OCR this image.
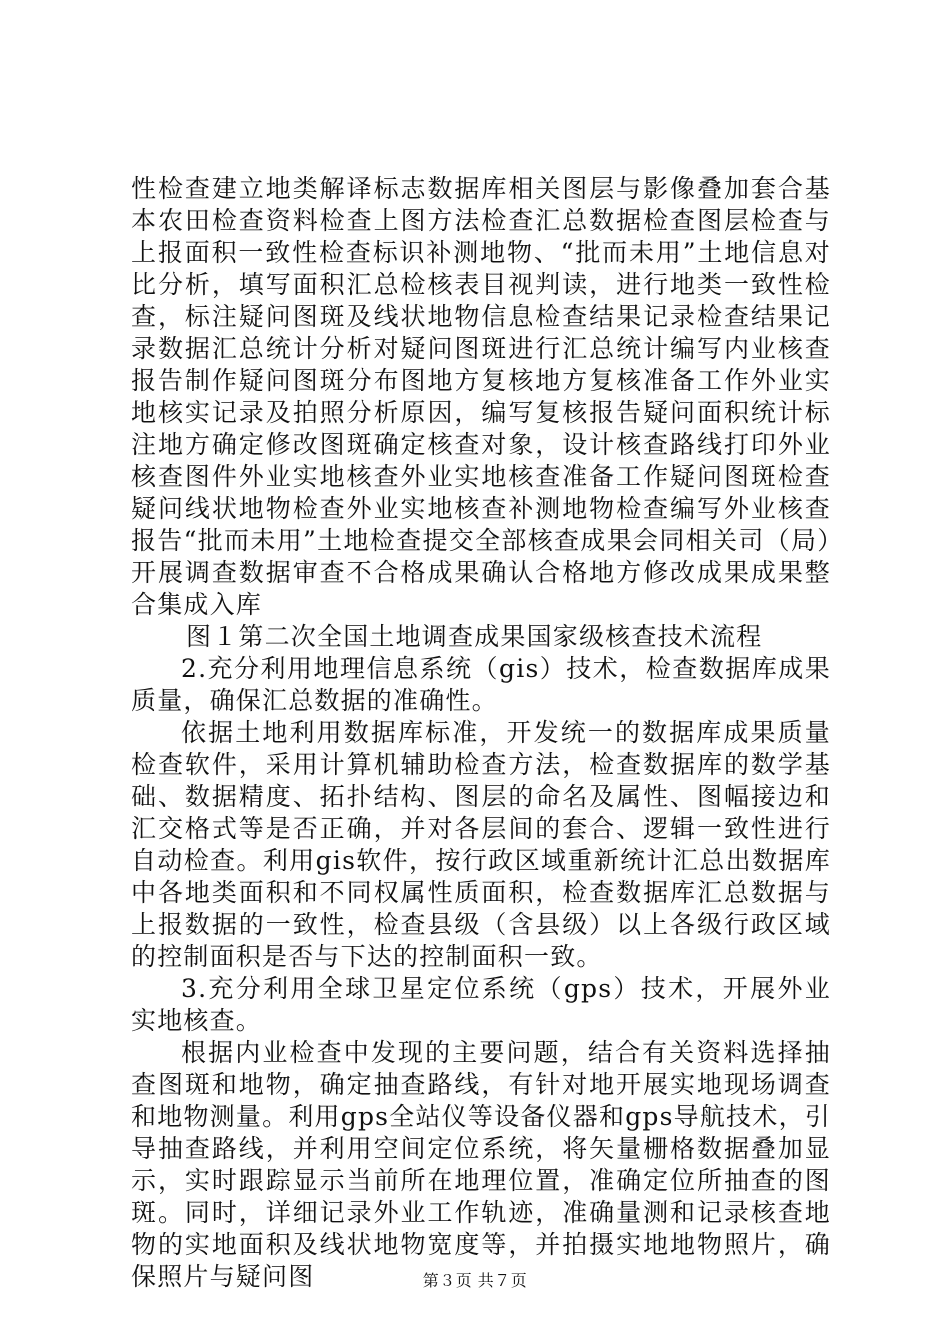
性检查建立地类解译标志数据库相关图层与影像叠加套合基本农田检查资料检查上图方法检查汇总数据检查图层检查与上报面积一致性检查标识补测地物、“批而未用”土地信息对比分析，填写面积汇总检核表目视判读，进行地类一致性检查，标注疑问图斑及线状地物信息检查结果记录检查结果记录数据汇总统计分析对疑问图斑进行汇总统计编写内业核查报告制作疑问图斑分布图地方复核地方复核准备工作外业实地核实记录及拍照分析原因，编写复核报告疑问面积统计标注地方确定修改图斑确定核查对象，设计核查路线打印外业核查图件外业实地核查外业实地核查准备工作疑问图斑检查疑问线状地物检查外业实地核查补测地物检查编写外业核查报告“批而未用”土地检查提交全部核查成果会同相关司（局）开展调查数据审查不合格成果确认合格地方修改成果成果整合集成入库

图１第二次全国土地调查成果国家级核查技术流程

2.充分利用地理信息系统（gis）技术，检查数据库成果质量，确保汇总数据的准确性。

依据土地利用数据库标准，开发统一的数据库成果质量检查软件，采用计算机辅助检查方法，检查数据库的数学基础、数据精度、拓扑结构、图层的命名及属性、图幅接边和汇交格式等是否正确，并对各层间的套合、逻辑一致性进行自动检查。利用gis软件，按行政区域重新统计汇总出数据库中各地类面积和不同权属性质面积，检查数据库汇总数据与上报数据的一致性，检查县级（含县级）以上各级行政区域的控制面积是否与下达的控制面积一致。

3.充分利用全球卫星定位系统（gps）技术，开展外业实地核查。

根据内业检查中发现的主要问题，结合有关资料选择抽查图斑和地物，确定抽查路线，有针对地开展实地现场调查和地物测量。利用gps全站仪等设备仪器和gps导航技术，引导抽查路线，并利用空间定位系统，将矢量栅格数据叠加显示，实时跟踪显示当前所在地理位置，准确定位所抽查的图斑。同时，详细记录外业工作轨迹，准确量测和记录核查地物的实地面积及线状地物宽度等，并拍摄实地地物照片，确保照片与疑问图	第３页 共７页
